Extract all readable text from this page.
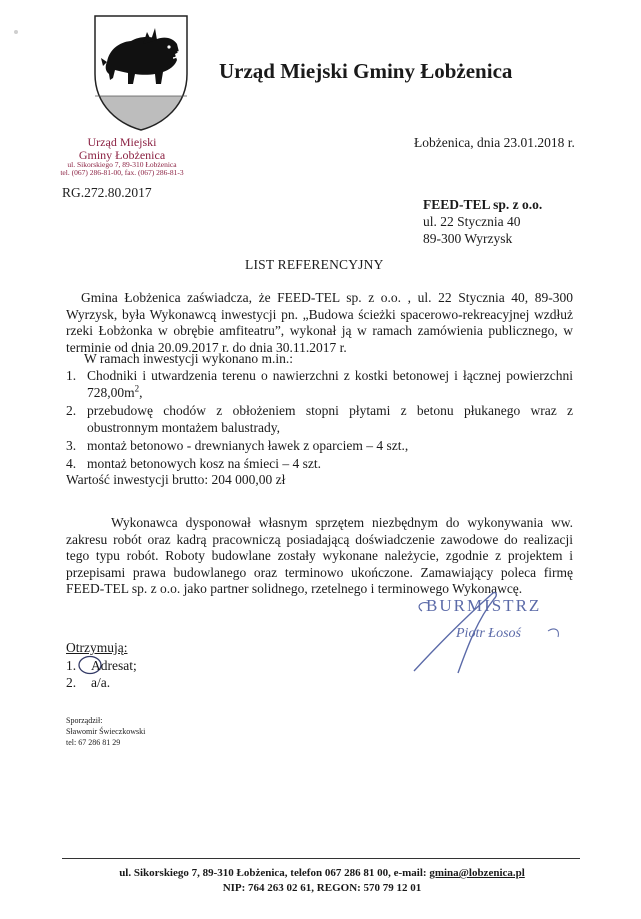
Urząd Miejski Gminy Łobżenica
Urząd Miejski
Gminy Łobżenica
ul. Sikorskiego 7, 89-310 Łobżenica
tel. (067) 286-81-00, fax. (067) 286-81-3
RG.272.80.2017
Łobżenica, dnia 23.01.2018 r.
FEED-TEL sp. z o.o.
ul. 22 Stycznia 40
89-300 Wyrzysk
LIST REFERENCYJNY
Gmina Łobżenica zaświadcza, że FEED-TEL sp. z o.o. , ul. 22 Stycznia 40, 89-300 Wyrzysk, była Wykonawcą inwestycji pn. „Budowa ścieżki spacerowo-rekreacyjnej wzdłuż rzeki Łobżonka w obrębie amfiteatru”, wykonał ją w ramach zamówienia publicznego, w terminie od dnia 20.09.2017 r. do dnia 30.11.2017 r.
W ramach inwestycji wykonano m.in.:
1. Chodniki i utwardzenia terenu o nawierzchni z kostki betonowej i łącznej powierzchni $728,00m^2$,
2. przebudowę chodów z obłożeniem stopni płytami z betonu płukanego wraz z obustronnym montażem balustrady,
3. montaż betonowo - drewnianych ławek z oparciem – 4 szt.,
4. montaż betonowych kosz na śmieci – 4 szt.
Wartość inwestycji brutto: 204 000,00 zł
Wykonawca dysponował własnym sprzętem niezbędnym do wykonywania ww. zakresu robót oraz kadrą pracowniczą posiadającą doświadczenie zawodowe do realizacji tego typu robót. Roboty budowlane zostały wykonane należycie, zgodnie z projektem i przepisami prawa budowlanego oraz terminowo ukończone. Zamawiający poleca firmę FEED-TEL sp. z o.o. jako partner solidnego, rzetelnego i terminowego Wykonawcę.
BURMISTRZ
Piotr Łosoś
Otrzymują:
1. Adresat;
2. a/a.
Sporządził:
Sławomir Świeczkowski
tel: 67 286 81 29
ul. Sikorskiego 7, 89-310 Łobżenica, telefon 067 286 81 00, e-mail: gmina@lobzenica.pl
NIP: 764 263 02 61, REGON: 570 79 12 01
